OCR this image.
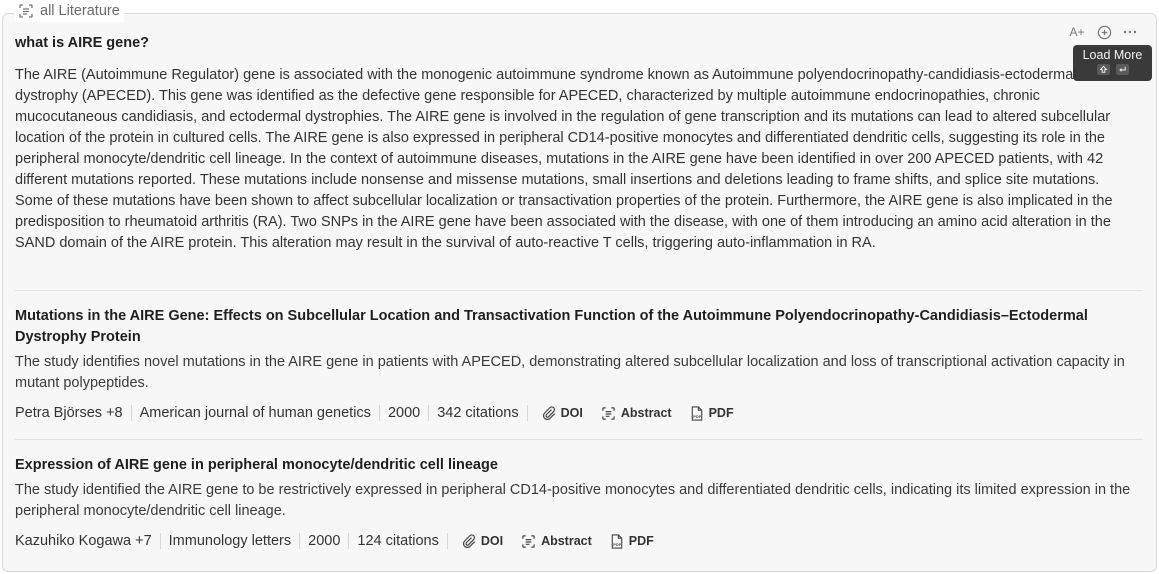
all Literature
A+
Load More
what is AIRE gene?
The AIRE (Autoimmune Regulator) gene is associated with the monogenic autoimmune syndrome known as Autoimmune polyendocrinopathy-candidiasis-ectodermal dystrophy (APECED). This gene was identified as the defective gene responsible for APECED, characterized by multiple autoimmune endocrinopathies, chronic mucocutaneous candidiasis, and ectodermal dystrophies. The AIRE gene is involved in the regulation of gene transcription and its mutations can lead to altered subcellular location of the protein in cultured cells. The AIRE gene is also expressed in peripheral CD14-positive monocytes and differentiated dendritic cells, suggesting its role in the peripheral monocyte/dendritic cell lineage. In the context of autoimmune diseases, mutations in the AIRE gene have been identified in over 200 APECED patients, with 42 different mutations reported. These mutations include nonsense and missense mutations, small insertions and deletions leading to frame shifts, and splice site mutations. Some of these mutations have been shown to affect subcellular localization or transactivation properties of the protein. Furthermore, the AIRE gene is also implicated in the predisposition to rheumatoid arthritis (RA). Two SNPs in the AIRE gene have been associated with the disease, with one of them introducing an amino acid alteration in the SAND domain of the AIRE protein. This alteration may result in the survival of auto-reactive T cells, triggering auto-inflammation in RA.
Mutations in the AIRE Gene: Effects on Subcellular Location and Transactivation Function of the Autoimmune Polyendocrinopathy-Candidiasis–Ectodermal Dystrophy Protein
The study identifies novel mutations in the AIRE gene in patients with APECED, demonstrating altered subcellular localization and loss of transcriptional activation capacity in mutant polypeptides.
Petra Björses +8 American journal of human genetics 2000 342 citations	DOI	Abstract	PDF PDF
Expression of AIRE gene in peripheral monocyte/dendritic cell lineage
The study identified the AIRE gene to be restrictively expressed in peripheral CD14-positive monocytes and differentiated dendritic cells, indicating its limited expression in the peripheral monocyte/dendritic cell lineage.
Kazuhiko Kogawa +7 Immunology letters 2000 124 citations	DOI	Abstract	PDF PDF
